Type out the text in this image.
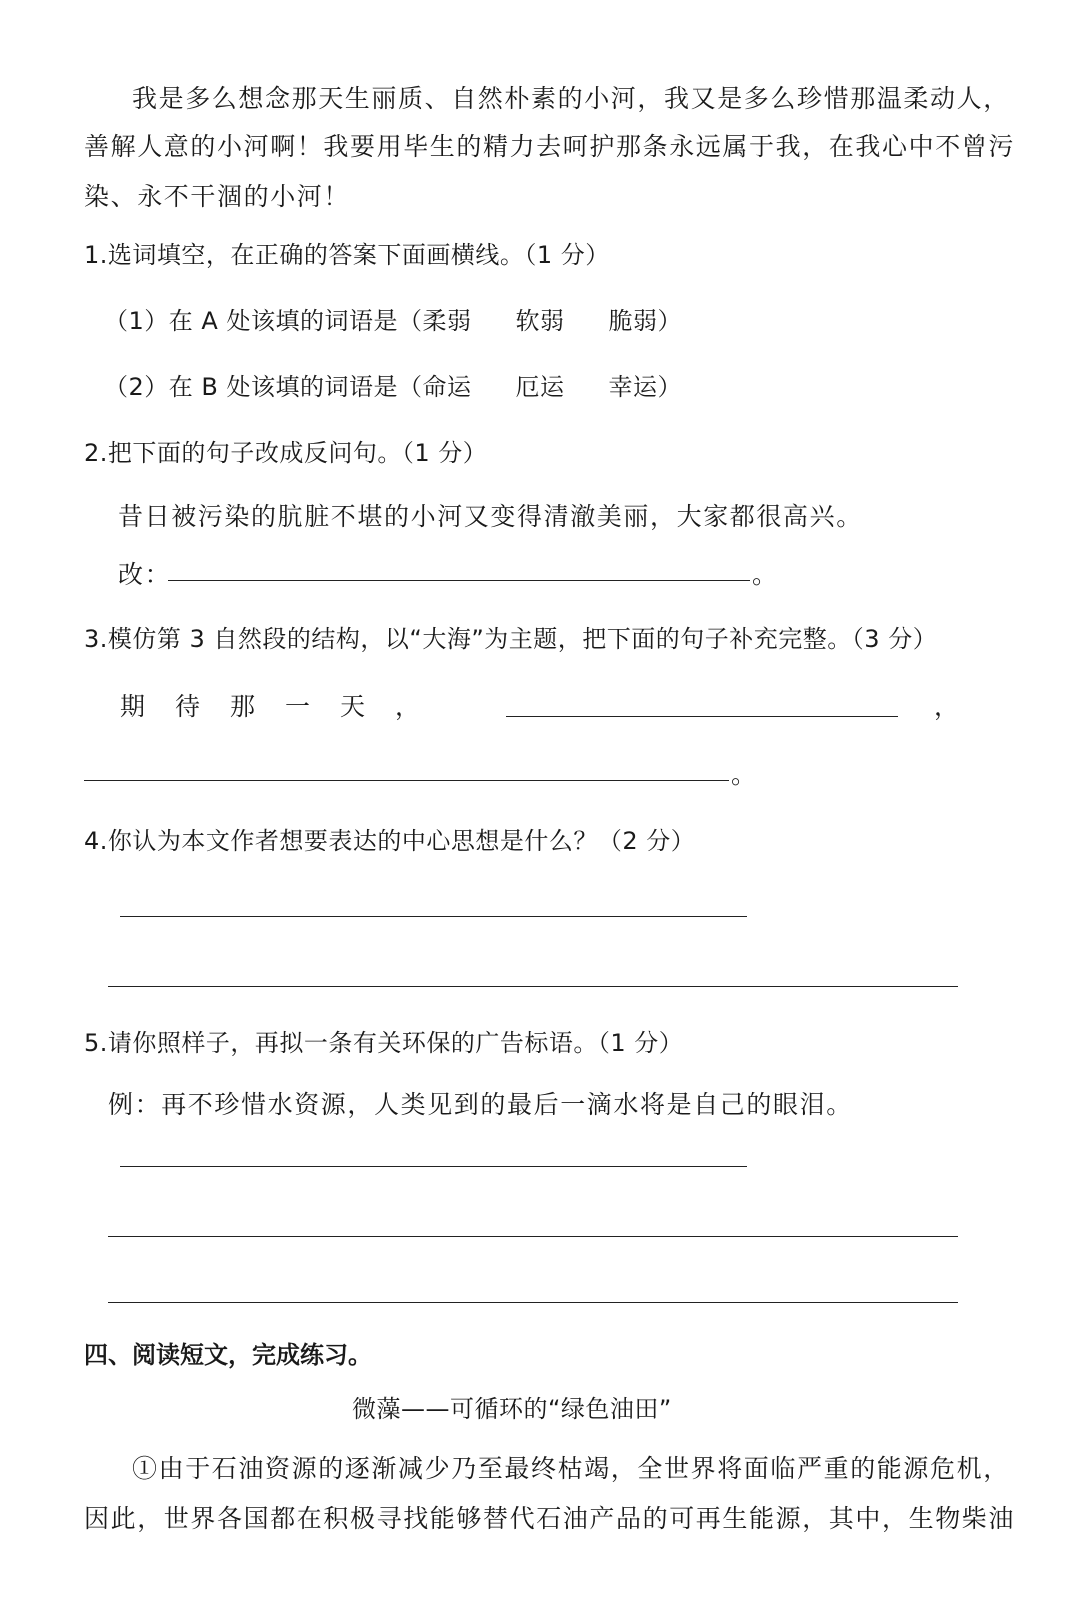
我是多么想念那天生丽质、自然朴素的小河，我又是多么珍惜那温柔动人，
善解人意的小河啊！我要用毕生的精力去呵护那条永远属于我，在我心中不曾污
染、永不干涸的小河！
1.选词填空，在正确的答案下面画横线。（1 分）
（1）在 A 处该填的词语是（柔弱 软弱 脆弱）
（2）在 B 处该填的词语是（命运 厄运 幸运）
2.把下面的句子改成反问句。（1 分）
昔日被污染的肮脏不堪的小河又变得清澈美丽，大家都很高兴。
改：	。
3.模仿第 3 自然段的结构，以“大海”为主题，把下面的句子补充完整。（3 分）
期待那一天，	，
。
4.你认为本文作者想要表达的中心思想是什么？（2 分）
5.请你照样子，再拟一条有关环保的广告标语。（1 分）
例：再不珍惜水资源，人类见到的最后一滴水将是自己的眼泪。
四、阅读短文，完成练习。
微藻——可循环的“绿色油田”
①由于石油资源的逐渐减少乃至最终枯竭，全世界将面临严重的能源危机，
因此，世界各国都在积极寻找能够替代石油产品的可再生能源，其中，生物柴油
